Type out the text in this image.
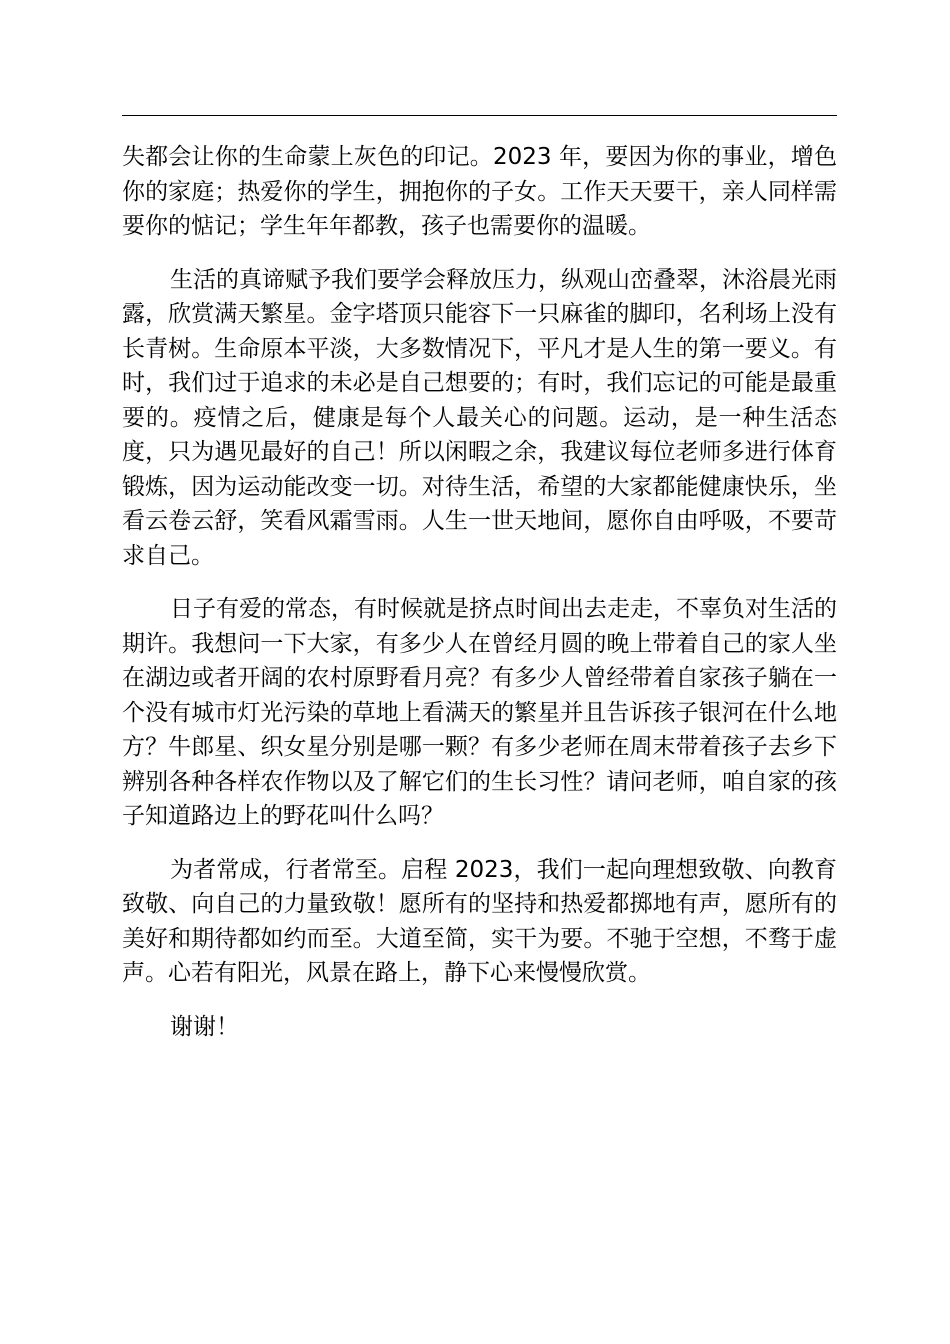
失都会让你的生命蒙上灰色的印记。2023 年，要因为你的事业，增色你的家庭；热爱你的学生，拥抱你的子女。工作天天要干，亲人同样需要你的惦记；学生年年都教，孩子也需要你的温暖。

生活的真谛赋予我们要学会释放压力，纵观山峦叠翠，沐浴晨光雨露，欣赏满天繁星。金字塔顶只能容下一只麻雀的脚印，名利场上没有长青树。生命原本平淡，大多数情况下，平凡才是人生的第一要义。有时，我们过于追求的未必是自己想要的；有时，我们忘记的可能是最重要的。疫情之后，健康是每个人最关心的问题。运动，是一种生活态度，只为遇见最好的自己！所以闲暇之余，我建议每位老师多进行体育锻炼，因为运动能改变一切。对待生活，希望的大家都能健康快乐，坐看云卷云舒，笑看风霜雪雨。人生一世天地间，愿你自由呼吸，不要苛求自己。

日子有爱的常态，有时候就是挤点时间出去走走，不辜负对生活的期许。我想问一下大家，有多少人在曾经月圆的晚上带着自己的家人坐在湖边或者开阔的农村原野看月亮？有多少人曾经带着自家孩子躺在一个没有城市灯光污染的草地上看满天的繁星并且告诉孩子银河在什么地方？牛郎星、织女星分别是哪一颗？有多少老师在周末带着孩子去乡下辨别各种各样农作物以及了解它们的生长习性？请问老师，咱自家的孩子知道路边上的野花叫什么吗？

为者常成，行者常至。启程 2023，我们一起向理想致敬、向教育致敬、向自己的力量致敬！愿所有的坚持和热爱都掷地有声，愿所有的美好和期待都如约而至。大道至简，实干为要。不驰于空想，不骛于虚声。心若有阳光，风景在路上，静下心来慢慢欣赏。

谢谢！
